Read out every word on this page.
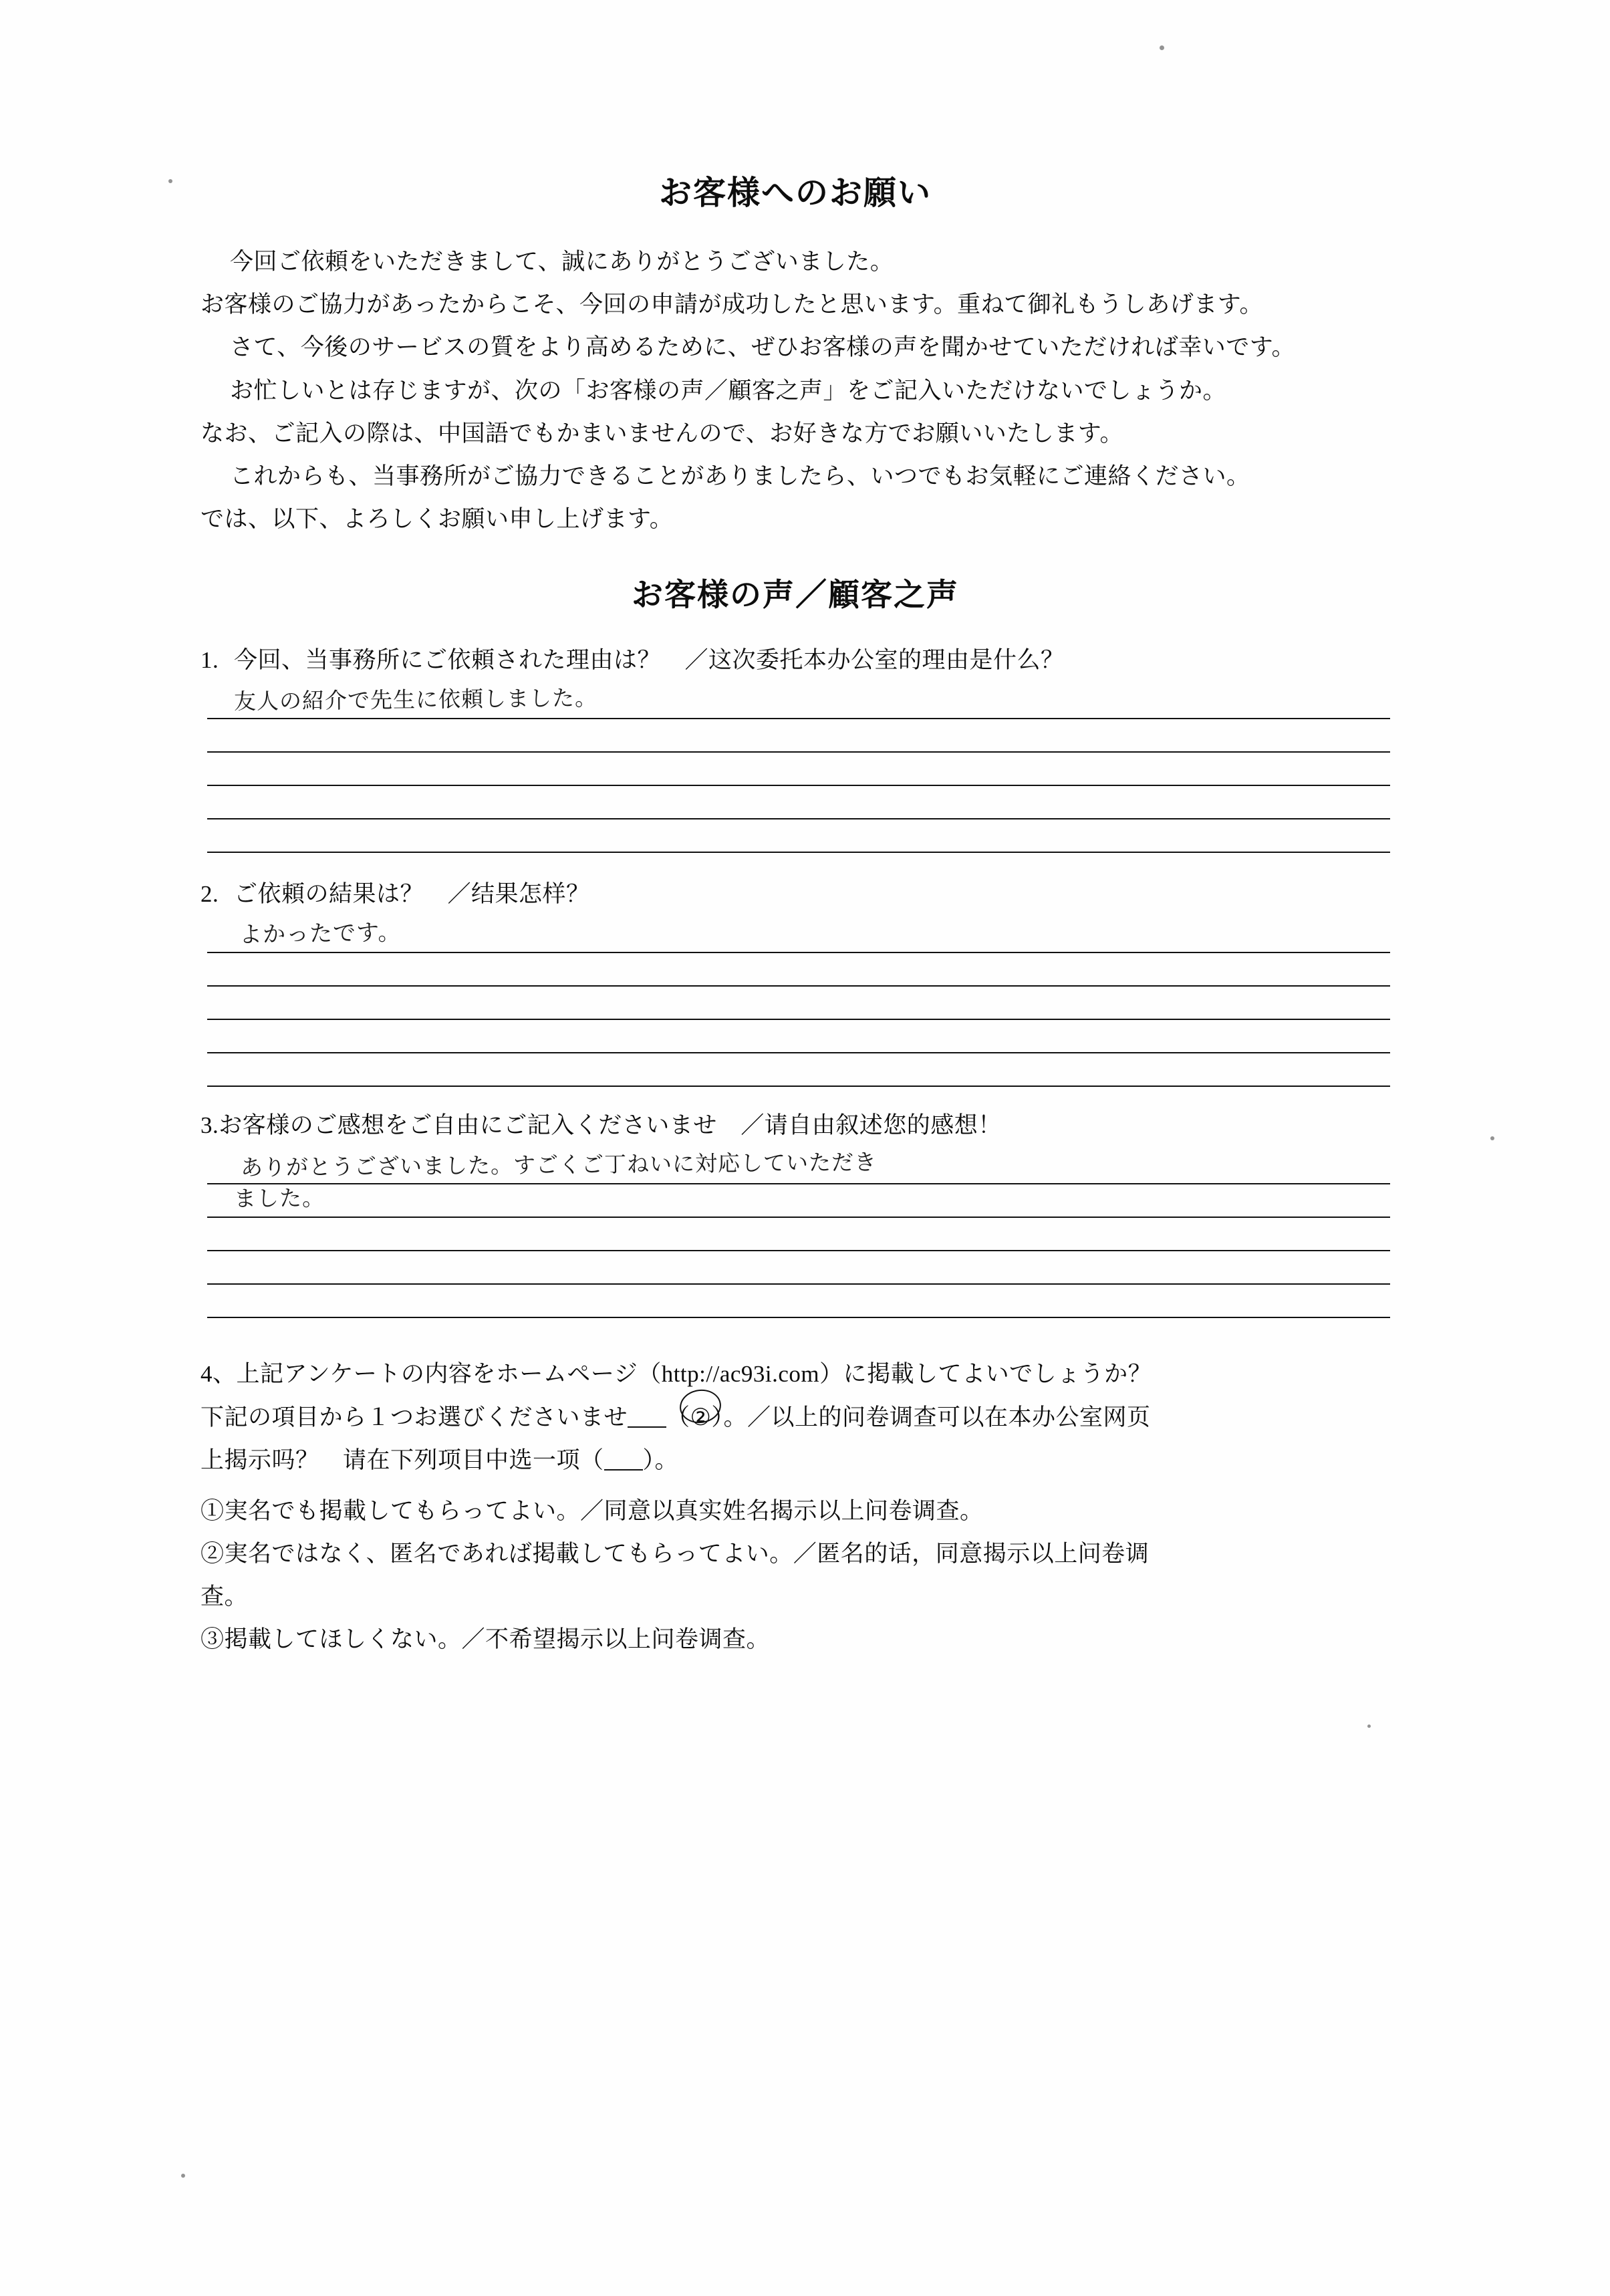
お客様へのお願い

今回ご依頼をいただきまして、誠にありがとうございました。

お客様のご協力があったからこそ、今回の申請が成功したと思います。重ねて御礼もうしあげます。

さて、今後のサービスの質をより高めるために、ぜひお客様の声を聞かせていただければ幸いです。

お忙しいとは存じますが、次の「お客様の声／顧客之声」をご記入いただけないでしょうか。

なお、ご記入の際は、中国語でもかまいませんので、お好きな方でお願いいたします。

これからも、当事務所がご協力できることがありましたら、いつでもお気軽にご連絡ください。

では、以下、よろしくお願い申し上げます。

お客様の声／顧客之声

1. 今回、当事務所にご依頼された理由は？　／这次委托本办公室的理由是什么？

友人の紹介で先生に依頼しました。

2. ご依頼の結果は？　／结果怎样？

よかったです。

3.お客様のご感想をご自由にご記入くださいませ　／请自由叙述您的感想！

ありがとうございました。すごくご丁ねいに対応していただき
ました。

4、上記アンケートの内容をホームページ（http://ac93i.com）に掲載してよいでしょうか？

下記の項目から１つお選びくださいませ （
②）。／以上的问卷调查可以在本办公室网页

上揭示吗？　请在下列项目中选一项（ ）。

①実名でも掲載してもらってよい。／同意以真实姓名揭示以上问卷调查。

②実名ではなく、匿名であれば掲載してもらってよい。／匿名的话，同意揭示以上问卷调

查。

③掲載してほしくない。／不希望揭示以上问卷调查。
